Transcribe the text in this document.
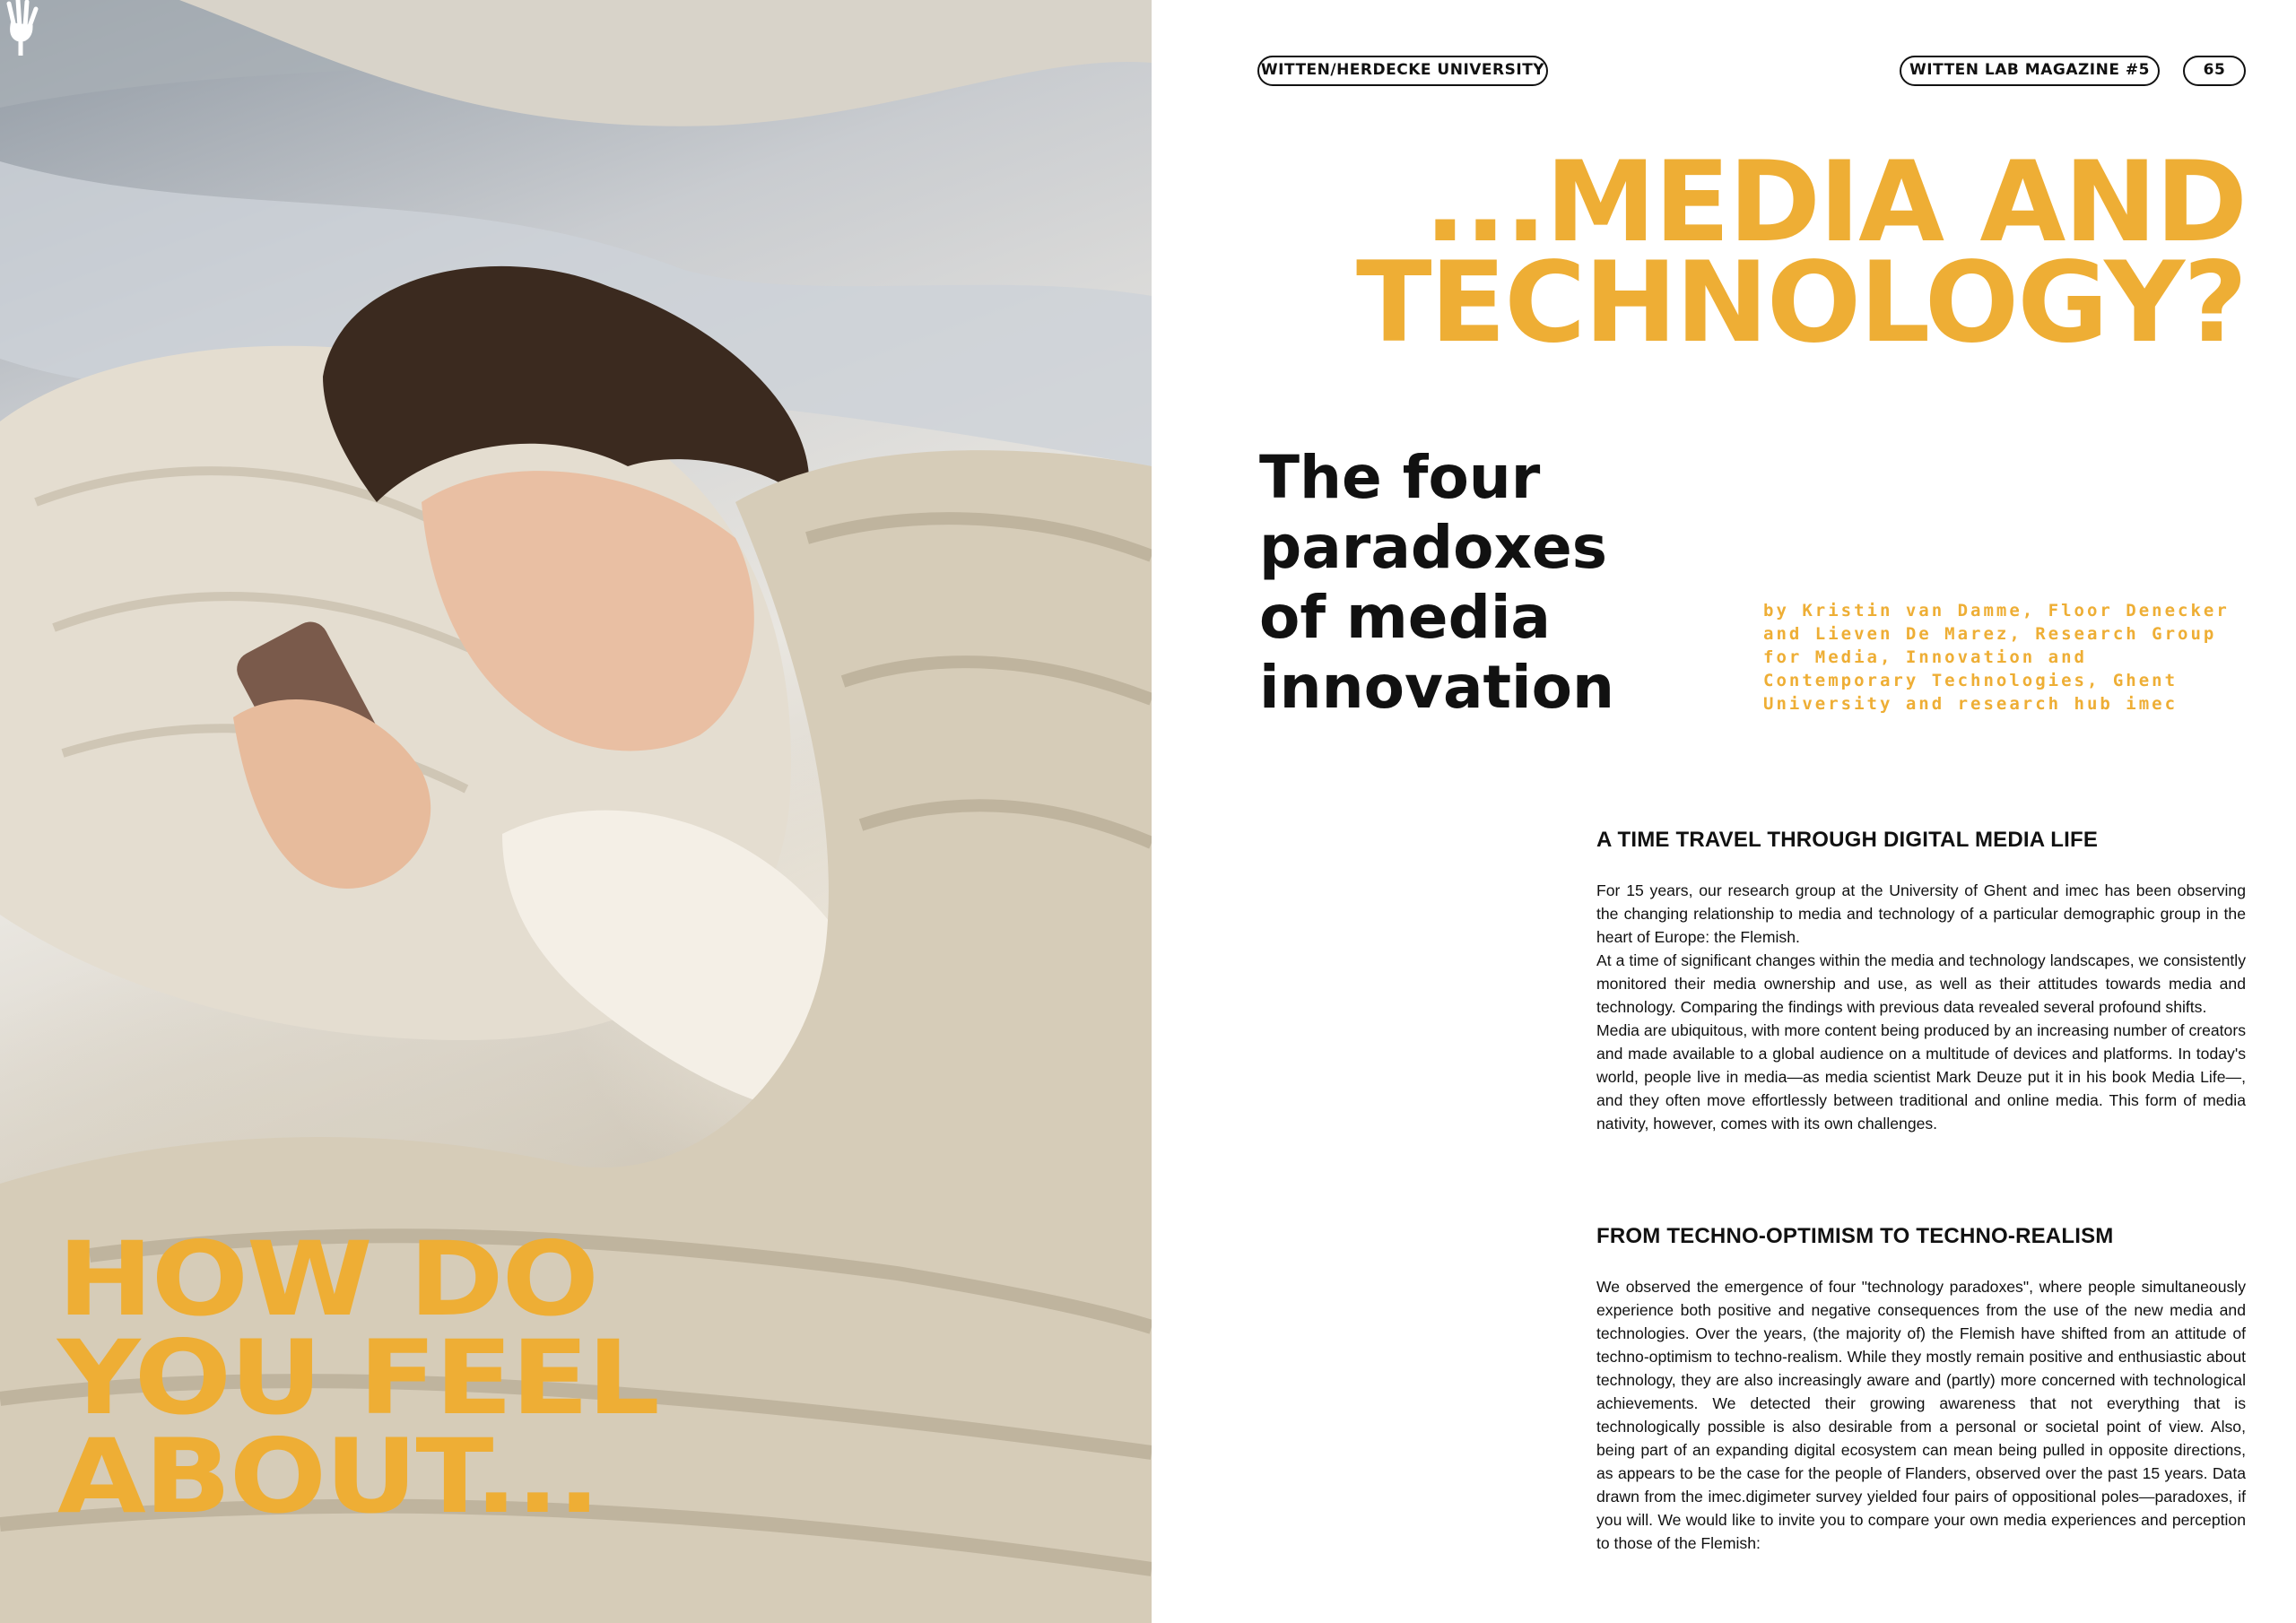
HOW DO
YOU FEEL
ABOUT...
WITTEN/HERDECKE UNIVERSITY	WITTEN LAB MAGAZINE #5	65
...MEDIA AND
TECHNOLOGY?
The four
paradoxes
of media
innovation

by Kristin van Damme, Floor Denecker and Lieven De Marez, Research Group for Media, Innovation and Contemporary Technologies, Ghent University and research hub imec

A TIME TRAVEL THROUGH DIGITAL MEDIA LIFE

For 15 years, our research group at the University of Ghent and imec has been observing the changing relationship to media and technology of a particular demographic group in the heart of Europe: the Flemish.

At a time of significant changes within the media and technology landscapes, we consistently monitored their media ownership and use, as well as their attitudes towards media and technology. Comparing the findings with previous data revealed several profound shifts.

Media are ubiquitous, with more content being produced by an increasing number of creators and made available to a global audience on a multitude of devices and platforms. In today's world, people live in media—as media scientist Mark Deuze put it in his book Media Life—, and they often move effortlessly between traditional and online media. This form of media nativity, however, comes with its own challenges.

FROM TECHNO-OPTIMISM TO TECHNO-REALISM

We observed the emergence of four "technology paradoxes", where people simultaneously experience both positive and negative consequences from the use of the new media and technologies. Over the years, (the majority of) the Flemish have shifted from an attitude of techno-optimism to techno-realism. While they mostly remain positive and enthusiastic about technology, they are also increasingly aware and (partly) more concerned with technological achievements. We detected their growing awareness that not everything that is technologically possible is also desirable from a personal or societal point of view. Also, being part of an expanding digital ecosystem can mean being pulled in opposite directions, as appears to be the case for the people of Flanders, observed over the past 15 years. Data drawn from the imec.digimeter survey yielded four pairs of oppositional poles—paradoxes, if you will. We would like to invite you to compare your own media experiences and perception to those of the Flemish:
